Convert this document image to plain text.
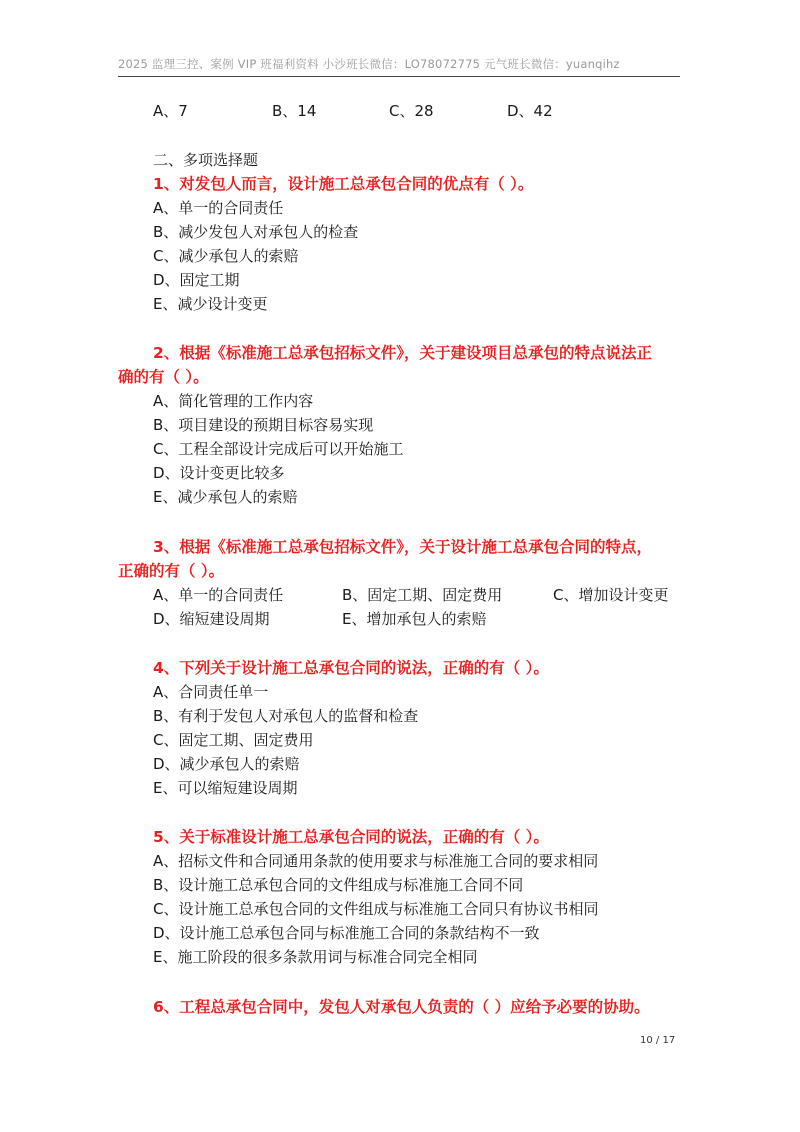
2025 监理三控、案例 VIP 班福利资料 小沙班长微信：LO78072775 元气班长微信：yuanqihz
A、7	B、14	C、28	D、42
二、多项选择题
1、对发包人而言，设计施工总承包合同的优点有（ ）。
A、单一的合同责任
B、减少发包人对承包人的检查
C、减少承包人的索赔
D、固定工期
E、减少设计变更
2、根据《标准施工总承包招标文件》，关于建设项目总承包的特点说法正
确的有（ ）。
A、简化管理的工作内容
B、项目建设的预期目标容易实现
C、工程全部设计完成后可以开始施工
D、设计变更比较多
E、减少承包人的索赔
3、根据《标准施工总承包招标文件》，关于设计施工总承包合同的特点，
正确的有（ ）。
A、单一的合同责任	B、固定工期、固定费用	C、增加设计变更
D、缩短建设周期	E、增加承包人的索赔
4、下列关于设计施工总承包合同的说法，正确的有（ ）。
A、合同责任单一
B、有利于发包人对承包人的监督和检查
C、固定工期、固定费用
D、减少承包人的索赔
E、可以缩短建设周期
5、关于标准设计施工总承包合同的说法，正确的有（ ）。
A、招标文件和合同通用条款的使用要求与标准施工合同的要求相同
B、设计施工总承包合同的文件组成与标准施工合同不同
C、设计施工总承包合同的文件组成与标准施工合同只有协议书相同
D、设计施工总承包合同与标准施工合同的条款结构不一致
E、施工阶段的很多条款用词与标准合同完全相同
6、工程总承包合同中，发包人对承包人负责的（ ）应给予必要的协助。
10 / 17
